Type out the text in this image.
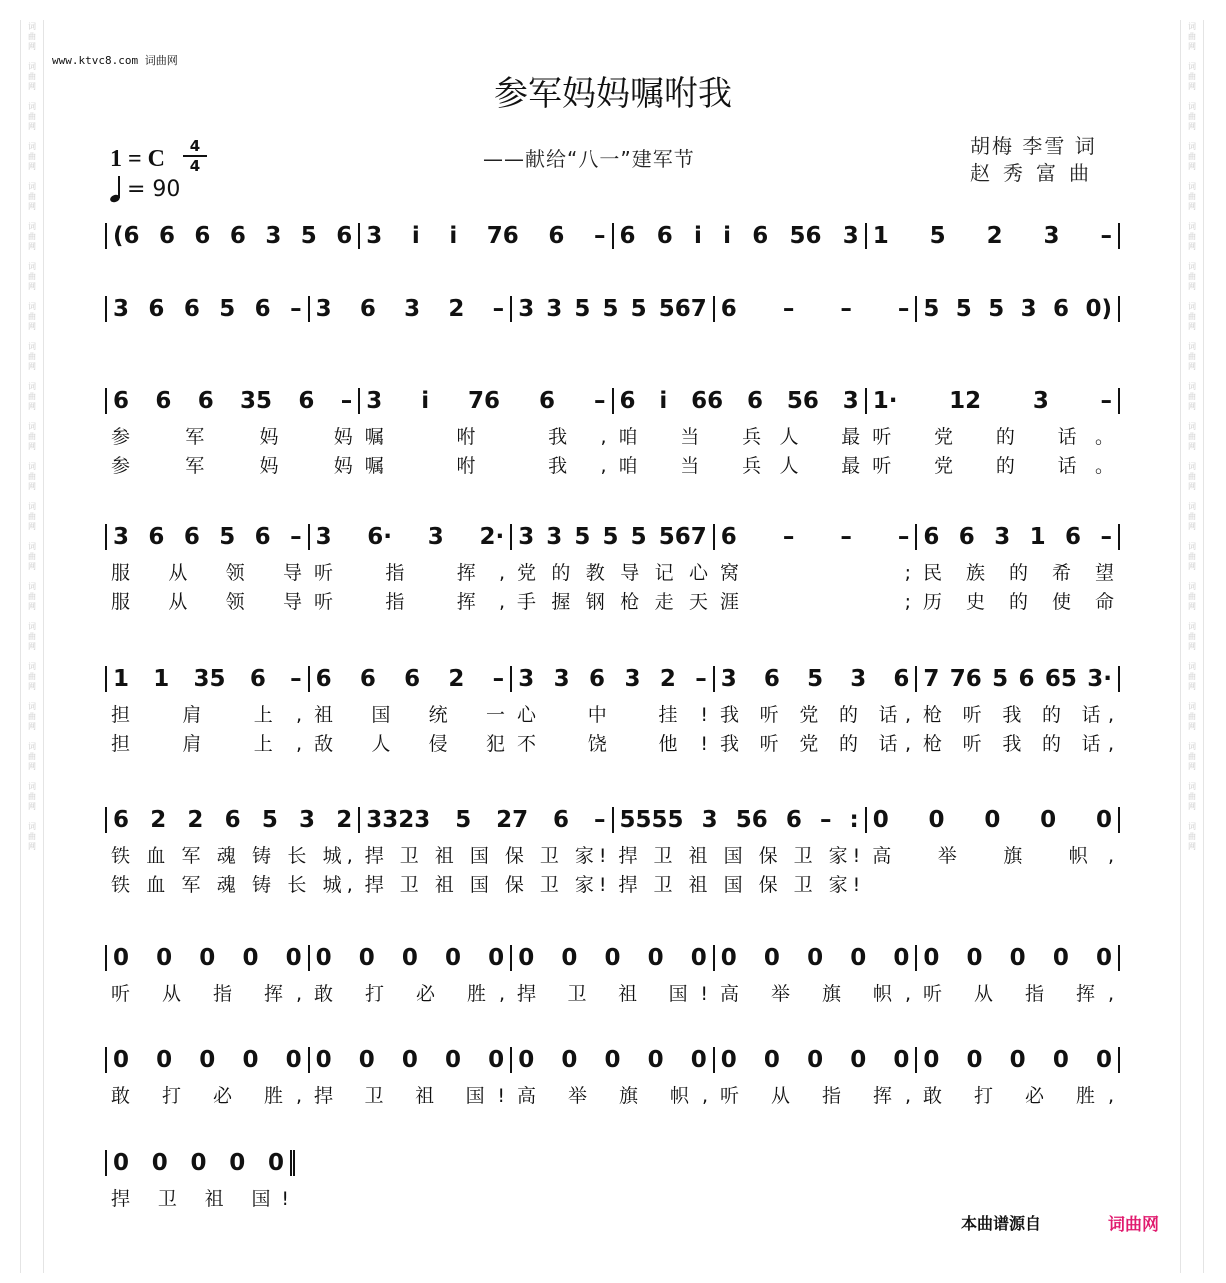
词曲网
词曲网
词曲网
词曲网
词曲网
词曲网
词曲网
词曲网
词曲网
词曲网
词曲网
词曲网
词曲网
词曲网
词曲网
词曲网
词曲网
词曲网
词曲网
词曲网
词曲网
词曲网
词曲网
词曲网
词曲网
词曲网
词曲网
词曲网
词曲网
词曲网
词曲网
词曲网
词曲网
词曲网
词曲网
词曲网
词曲网
词曲网
词曲网
词曲网
词曲网
词曲网
www.ktvc8.com 词曲网
参军妈妈嘱咐我
1 = C	4
4
= 90
——献给“八一”建军节
胡梅 李雪 词
赵秀富曲
(6 6 6 6 3 5 6 3 i i 76 6 – 6 6 i i 6 56 3 1 5 2 3 –
3 6 6 5 6 – 3 6 3 2 – 3 3 5 5 5 567 6 – – – 5 5 5 3 6 0)
6 6 6 35 6 – 3 i 76 6 – 6 i 66 6 56 3 1· 12 3 –
参 军 妈 妈 嘱 咐 我, 咱 当 兵人 最 听 党 的 话。
参 军 妈 妈 嘱 咐 我, 咱 当 兵人 最 听 党 的 话。
3 6 6 5 6 – 3 6· 3 2· 3 3 5 5 5 567 6 – – – 6 6 3 1 6 –
服 从 领 导 听 指 挥, 党 的 教 导 记 心 窝; 民 族 的 希 望
服 从 领 导 听 指 挥, 手 握 钢 枪 走 天 涯; 历 史 的 使 命
1 1 35 6 – 6 6 6 2 – 3 3 6 3 2 – 3 6 5 3 6 7 76 5 6 65 3·
担 肩 上, 祖 国 统 一 心 中 挂! 我 听 党 的 话, 枪 听 我 的 话,
担 肩 上, 敌 人 侵 犯 不 饶 他! 我 听 党 的 话, 枪 听 我 的 话,
6 2 2 6 5 3 2 3323 5 27 6 – 5555 3 56 6 – : 0 0 0 0 0
铁 血 军 魂 铸 长 城, 捍 卫 祖 国 保 卫 家! 捍 卫 祖 国 保 卫 家! 高 举 旗 帜,
铁 血 军 魂 铸 长 城, 捍 卫 祖 国 保 卫 家! 捍 卫 祖 国 保 卫 家!
0 0 0 0 0 0 0 0 0 0 0 0 0 0 0 0 0 0 0 0 0 0 0 0 0
听 从 指 挥, 敢 打 必 胜, 捍 卫 祖 国! 高 举 旗 帜, 听 从 指 挥,
0 0 0 0 0 0 0 0 0 0 0 0 0 0 0 0 0 0 0 0 0 0 0 0 0
敢 打 必 胜, 捍 卫 祖 国! 高 举 旗 帜, 听 从 指 挥, 敢 打 必 胜,
0 0 0 0 0
捍 卫 祖 国!
本曲谱源自	词曲网
